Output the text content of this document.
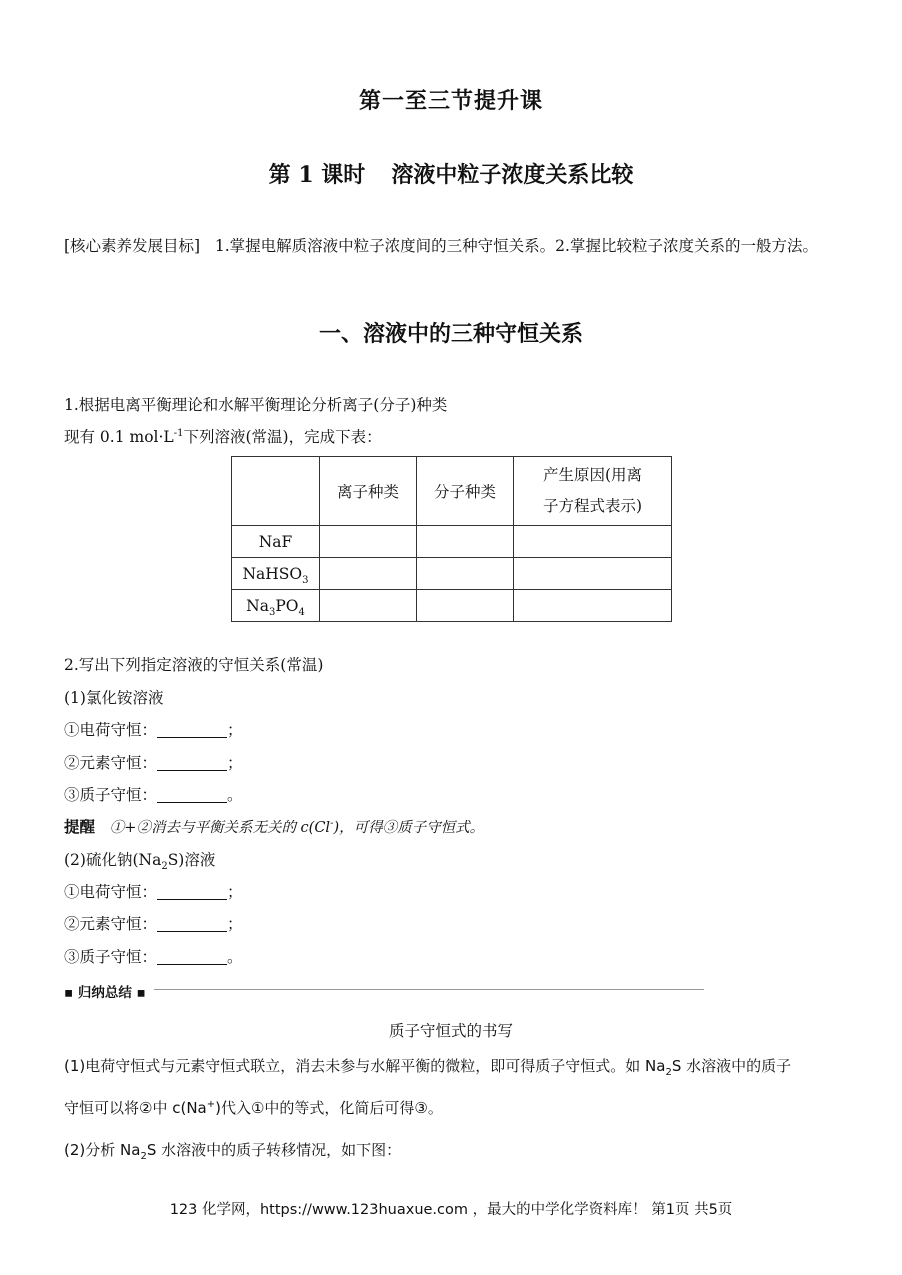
第一至三节提升课
第 1 课时 溶液中粒子浓度关系比较
[核心素养发展目标] 1.掌握电解质溶液中粒子浓度间的三种守恒关系。2.掌握比较粒子浓度关系的一般方法。
一、溶液中的三种守恒关系
1.根据电离平衡理论和水解平衡理论分析离子(分子)种类
现有 0.1 $mol\cdot L^{-1}$下列溶液(常温)，完成下表：
	离子种类	分子种类	产生原因(用离
子方程式表示)

NaF			
NaHSO$_3$			
$Na_3PO_4$			
2.写出下列指定溶液的守恒关系(常温)
(1)氯化铵溶液
①电荷守恒：	；
②元素守恒：	；
③质子守恒：	。
提醒 ①+②消去与平衡关系无关的 c(Cl-)，可得③质子守恒式。
(2)硫化钠$(Na_2S)$溶液
①电荷守恒：	；
②元素守恒：	；
③质子守恒：	。
▪ 归纳总结 ▪
质子守恒式的书写
(1)电荷守恒式与元素守恒式联立，消去未参与水解平衡的微粒，即可得质子守恒式。如 $Na_2S$ 水溶液中的质子
守恒可以将②中 c(Na+)代入①中的等式，化简后可得③。
(2)分析 $Na_2S$ 水溶液中的质子转移情况，如下图：
123 化学网，https://www.123huaxue.com ，最大的中学化学资料库！ 第1页 共5页
